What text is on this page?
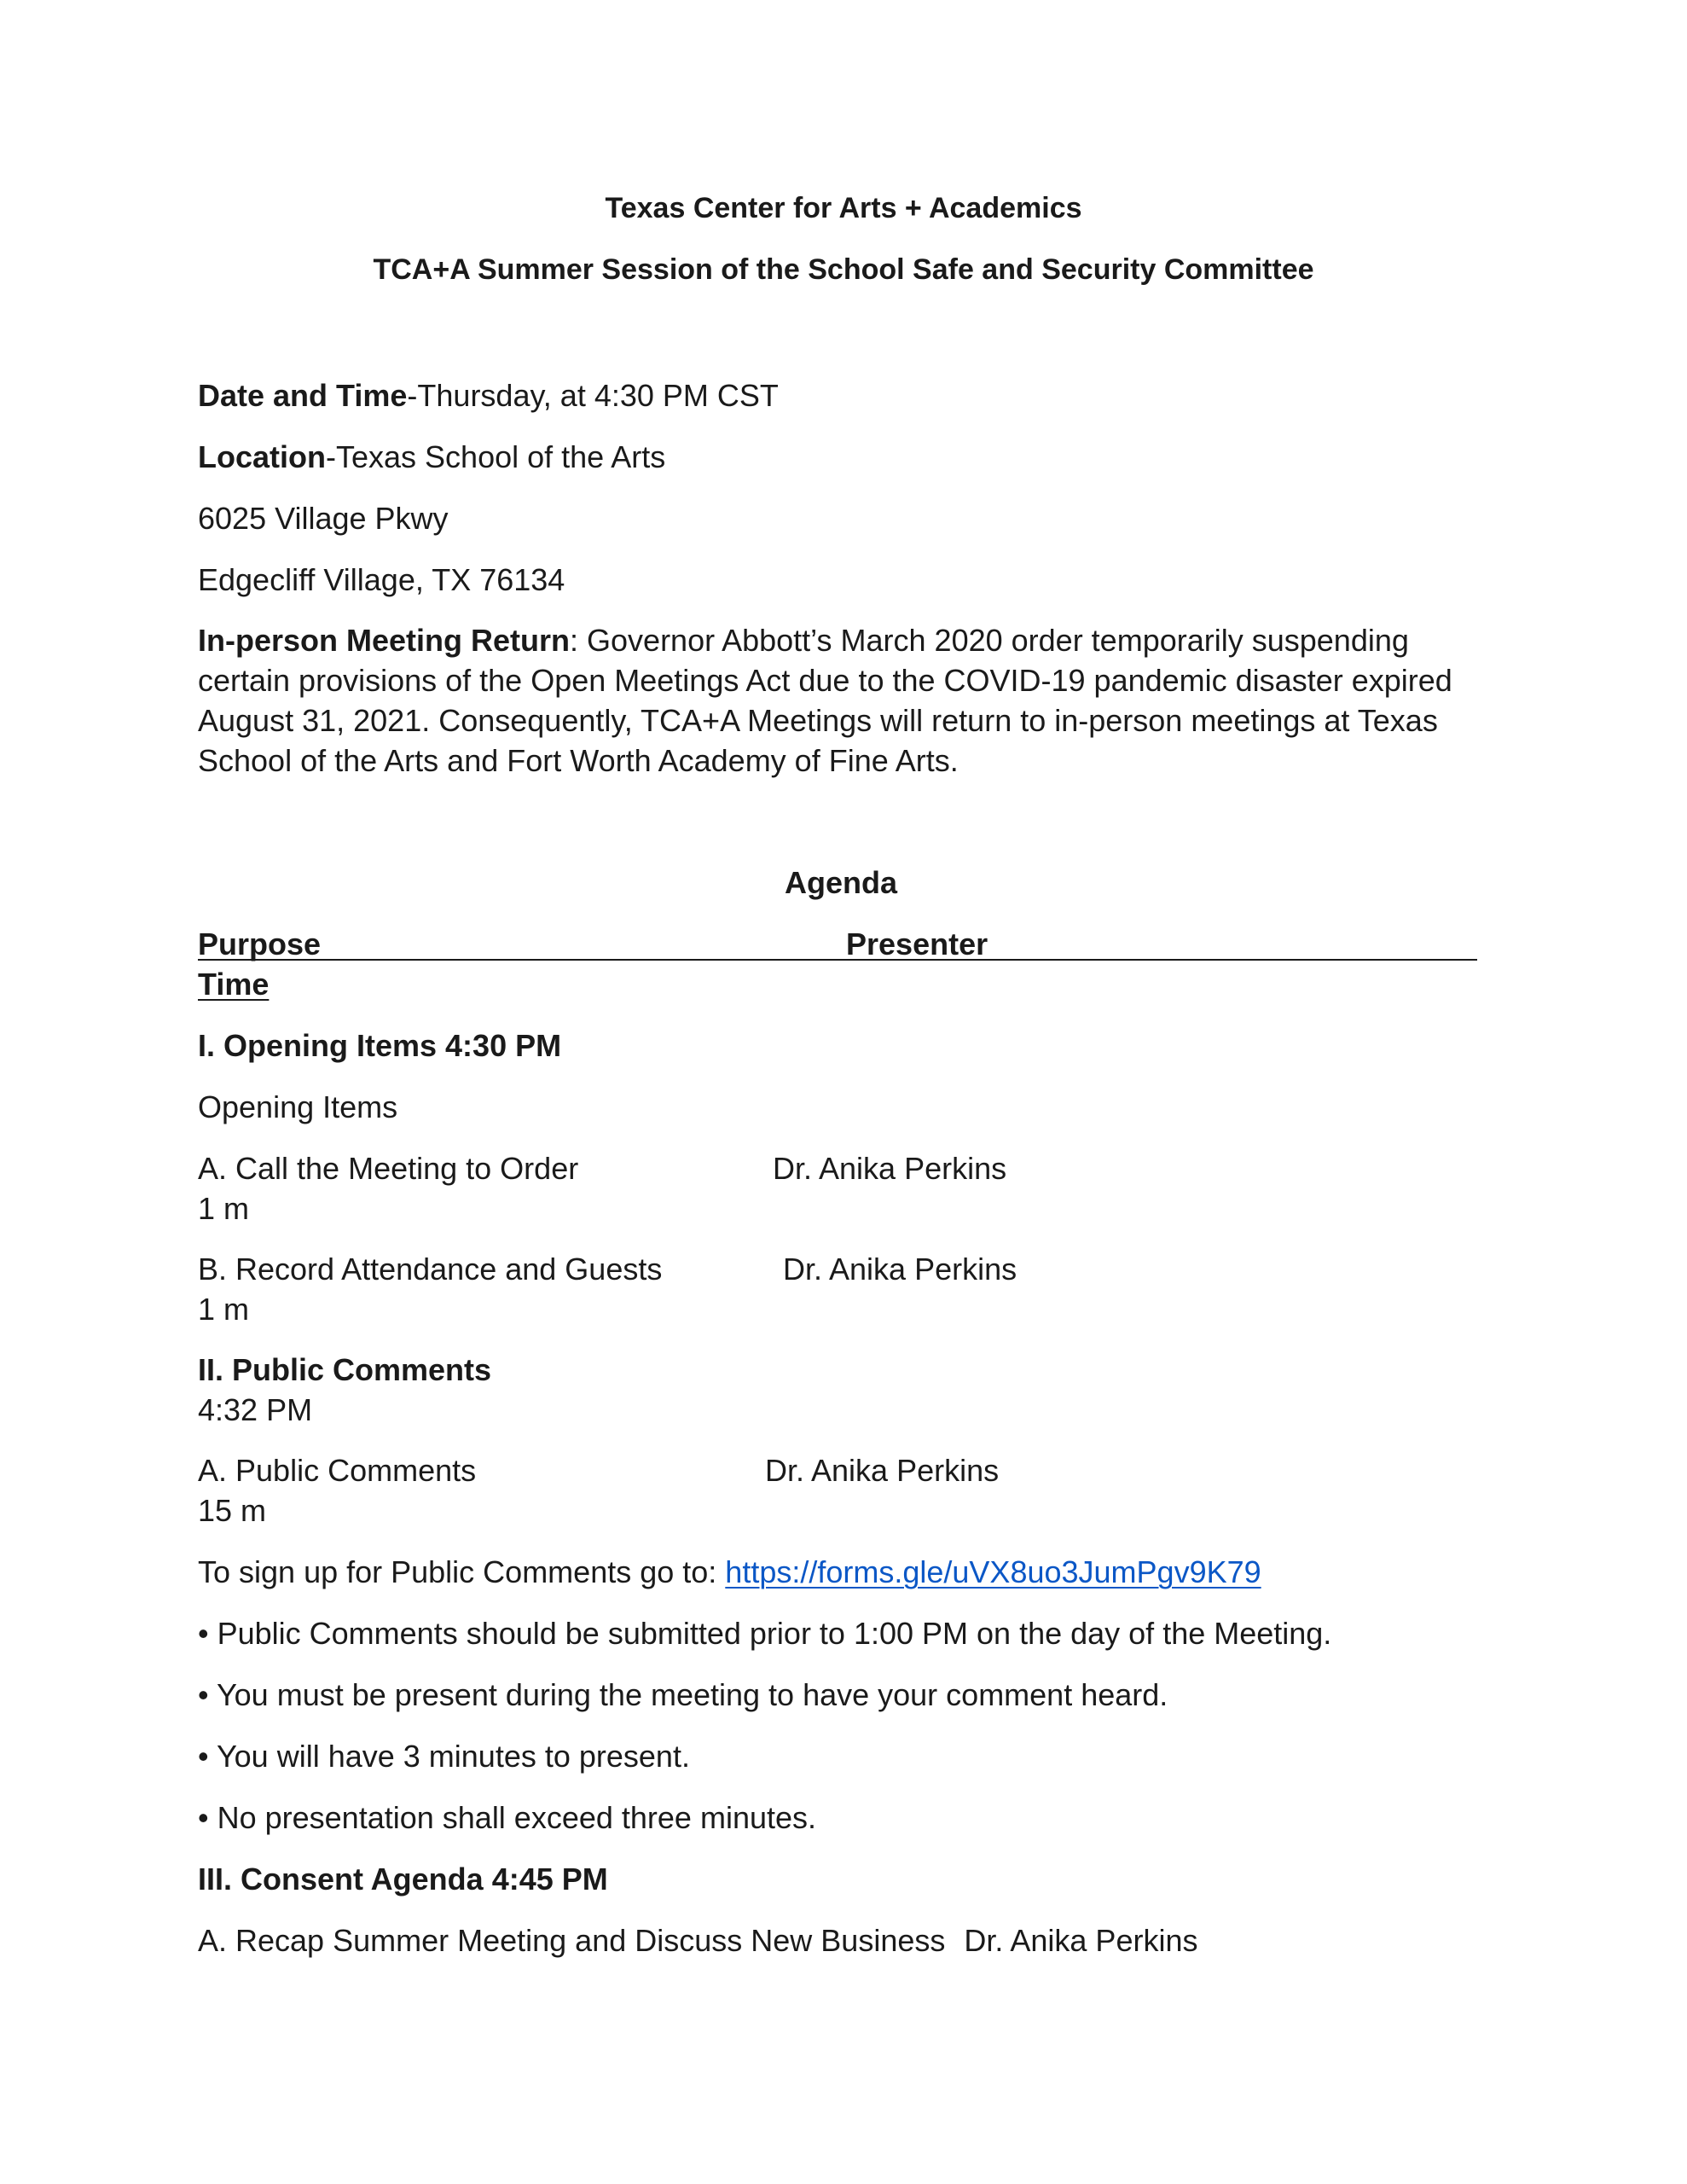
Texas Center for Arts + Academics
TCA+A Summer Session of the School Safe and Security Committee
Date and Time-Thursday, at 4:30 PM CST
Location-Texas School of the Arts
6025 Village Pkwy
Edgecliff Village, TX 76134
In-person Meeting Return: Governor Abbott’s March 2020 order temporarily suspending certain provisions of the Open Meetings Act due to the COVID-19 pandemic disaster expired August 31, 2021. Consequently, TCA+A Meetings will return to in-person meetings at Texas School of the Arts and Fort Worth Academy of Fine Arts.
Agenda
Purpose	Presenter
Time
I. Opening Items 4:30 PM
Opening Items
A. Call the Meeting to Order	Dr. Anika Perkins
1 m
B. Record Attendance and Guests	Dr. Anika Perkins
1 m
II. Public Comments
4:32 PM
A. Public Comments	Dr. Anika Perkins
15 m
To sign up for Public Comments go to: https://forms.gle/uVX8uo3JumPgv9K79
• Public Comments should be submitted prior to 1:00 PM on the day of the Meeting.
• You must be present during the meeting to have your comment heard.
• You will have 3 minutes to present.
• No presentation shall exceed three minutes.
III. Consent Agenda 4:45 PM
A. Recap Summer Meeting and Discuss New Business Dr. Anika Perkins
